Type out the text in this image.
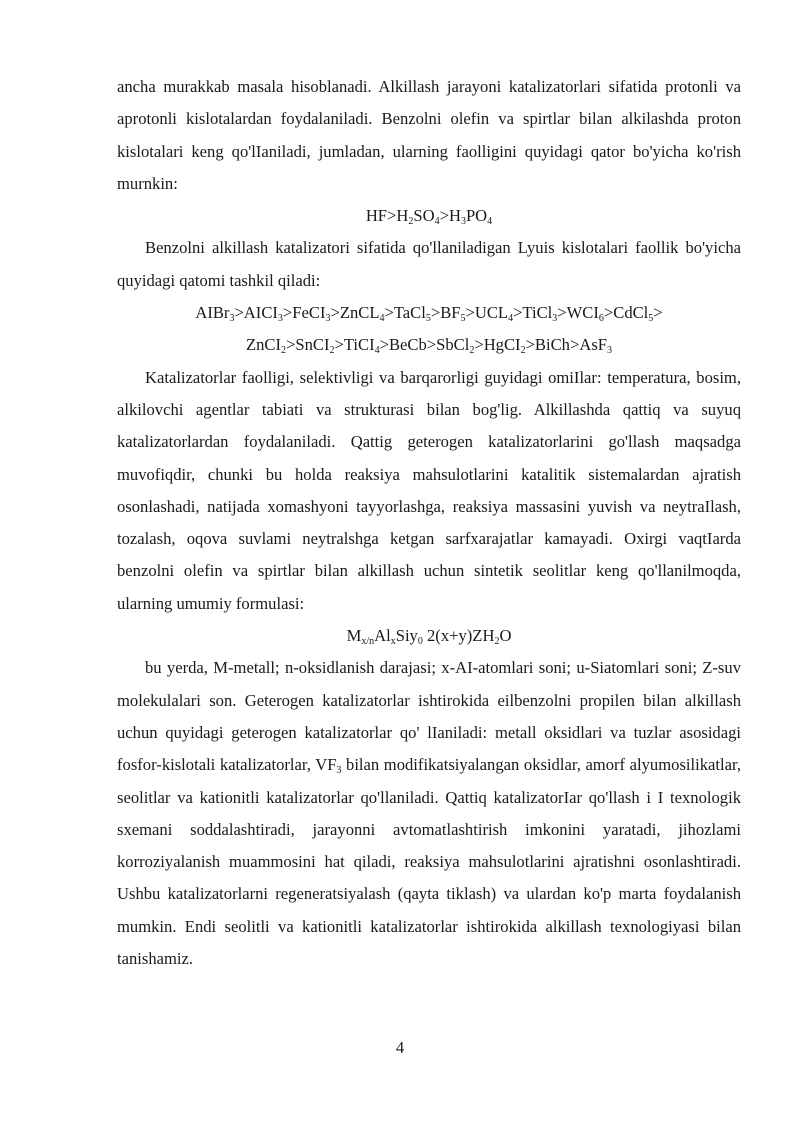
ancha murakkab masala hisoblanadi. Alkillash jarayoni katalizatorlari sifatida protonli va aprotonli kislotalardan foydalaniladi. Benzolni olefin va spirtlar bilan alkilashda proton kislotalari keng qo'lIaniladi, jumladan, ularning faolligini quyidagi qator bo'yicha ko'rish murnkin:

$HF>H_2SO_4>H_3PO_4$

Benzolni alkillash katalizatori sifatida qo'llaniladigan Lyuis kislotalari faollik bo'yicha quyidagi qatomi tashkil qiladi:

$AIBr_3>AICI_3>FeCI_3>ZnCL_4>TaCl_5>BF_5>UCL_4>TiCl_3>WCI_6>CdCl_5>$
ZnCI$_2$>SnCI$_2$>TiCI$_4$>BeCb>SbCl$_2$>HgCI$_2$>BiCh>AsF$_3$

Katalizatorlar faolligi, selektivligi va barqarorligi guyidagi omiIlar: temperatura, bosim, alkilovchi agentlar tabiati va strukturasi bilan bog'lig. Alkillashda qattiq va suyuq katalizatorlardan foydalaniladi. Qattig geterogen katalizatorlarini go'llash maqsadga muvofiqdir, chunki bu holda reaksiya mahsulotlarini katalitik sistemalardan ajratish osonlashadi, natijada xomashyoni tayyorlashga, reaksiya massasini yuvish va neytraIlash, tozalash, oqova suvlami neytralshga ketgan sarfxarajatlar kamayadi. Oxirgi vaqtIarda benzolni olefin va spirtlar bilan alkillash uchun sintetik seolitlar keng qo'llanilmoqda, ularning umumiy formulasi:

$M_{x/n}Al_xSiy_0$ $2(x+y)ZH_2O$

bu yerda, M-metall; n-oksidlanish darajasi; x-AI-atomlari soni; u-Siatomlari soni; Z-suv molekulalari son. Geterogen katalizatorlar ishtirokida eilbenzolni propilen bilan alkillash uchun quyidagi geterogen katalizatorlar qo' lIaniladi: metall oksidlari va tuzlar asosidagi fosfor-kislotali katalizatorlar, $VF_3$ bilan modifikatsiyalangan oksidlar, amorf alyumosilikatlar, seolitlar va kationitli katalizatorlar qo'llaniladi. Qattiq katalizatorIar qo'llash i I texnologik sxemani soddalashtiradi, jarayonni avtomatlashtirish imkonini yaratadi, jihozlami korroziyalanish muammosini hat qiladi, reaksiya mahsulotlarini ajratishni osonlashtiradi. Ushbu katalizatorlarni regeneratsiyalash (qayta tiklash) va ulardan ko'p marta foydalanish mumkin. Endi seolitli va kationitli katalizatorlar ishtirokida alkillash texnologiyasi bilan tanishamiz.

4
